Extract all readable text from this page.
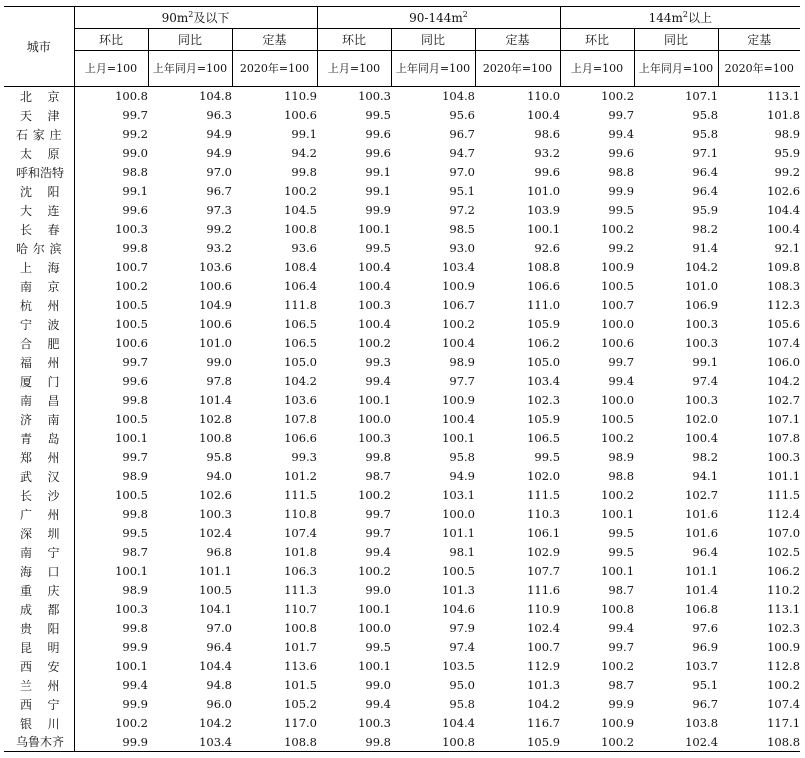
城市	$90m^2$及以下			$90-144m^2$			$144m^2$以上		
	环比	同比	定基	环比	同比	定基	环比	同比	定基
	上月=100	上年同月=100	2020年=100	上月=100	上年同月=100	2020年=100	上月=100	上年同月=100	2020年=100
北京	100.8	104.8	110.9	100.3	104.8	110.0	100.2	107.1	113.1
天津	99.7	96.3	100.6	99.5	95.6	100.4	99.7	95.8	101.8
石家庄	99.2	94.9	99.1	99.6	96.7	98.6	99.4	95.8	98.9
太原	99.0	94.9	94.2	99.6	94.7	93.2	99.6	97.1	95.9
呼和浩特	98.8	97.0	99.8	99.1	97.0	99.6	98.8	96.4	99.2
沈阳	99.1	96.7	100.2	99.1	95.1	101.0	99.9	96.4	102.6
大连	99.6	97.3	104.5	99.9	97.2	103.9	99.5	95.9	104.4
长春	100.3	99.2	100.8	100.1	98.5	100.1	100.2	98.2	100.4
哈尔滨	99.8	93.2	93.6	99.5	93.0	92.6	99.2	91.4	92.1
上海	100.7	103.6	108.4	100.4	103.4	108.8	100.9	104.2	109.8
南京	100.2	100.6	106.4	100.4	100.9	106.6	100.5	101.0	108.3
杭州	100.5	104.9	111.8	100.3	106.7	111.0	100.7	106.9	112.3
宁波	100.5	100.6	106.5	100.4	100.2	105.9	100.0	100.3	105.6
合肥	100.6	101.0	106.5	100.2	100.4	106.2	100.6	100.3	107.4
福州	99.7	99.0	105.0	99.3	98.9	105.0	99.7	99.1	106.0
厦门	99.6	97.8	104.2	99.4	97.7	103.4	99.4	97.4	104.2
南昌	99.8	101.4	103.6	100.1	100.9	102.3	100.0	100.3	102.7
济南	100.5	102.8	107.8	100.0	100.4	105.9	100.5	102.0	107.1
青岛	100.1	100.8	106.6	100.3	100.1	106.5	100.2	100.4	107.8
郑州	99.7	95.8	99.3	99.8	95.8	99.5	98.9	98.2	100.3
武汉	98.9	94.0	101.2	98.7	94.9	102.0	98.8	94.1	101.1
长沙	100.5	102.6	111.5	100.2	103.1	111.5	100.2	102.7	111.5
广州	99.8	100.3	110.8	99.7	100.0	110.3	100.1	101.6	112.4
深圳	99.5	102.4	107.4	99.7	101.1	106.1	99.5	101.6	107.0
南宁	98.7	96.8	101.8	99.4	98.1	102.9	99.5	96.4	102.5
海口	100.1	101.1	106.3	100.2	100.5	107.7	100.1	101.1	106.2
重庆	98.9	100.5	111.3	99.0	101.3	111.6	98.7	101.4	110.2
成都	100.3	104.1	110.7	100.1	104.6	110.9	100.8	106.8	113.1
贵阳	99.8	97.0	100.8	100.0	97.9	102.4	99.4	97.6	102.3
昆明	99.9	96.4	101.7	99.5	97.4	100.7	99.7	96.9	100.9
西安	100.1	104.4	113.6	100.1	103.5	112.9	100.2	103.7	112.8
兰州	99.4	94.8	101.5	99.0	95.0	101.3	98.7	95.1	100.2
西宁	99.9	96.0	105.2	99.4	95.8	104.2	99.9	96.7	107.4
银川	100.2	104.2	117.0	100.3	104.4	116.7	100.9	103.8	117.1
乌鲁木齐	99.9	103.4	108.8	99.8	100.8	105.9	100.2	102.4	108.8
